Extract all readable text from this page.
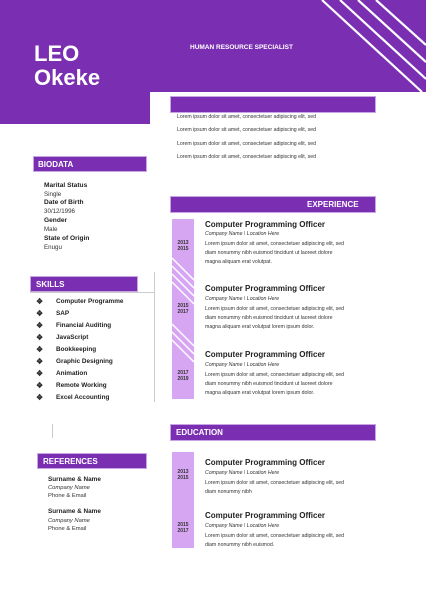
LEO
Okeke
HUMAN RESOURCE SPECIALIST
Lorem ipsum dolor sit amet, consectetuer adipiscing elit, sed
Lorem ipsum dolor sit amet, consectetuer adipiscing elit, sed
Lorem ipsum dolor sit amet, consectetuer adipiscing elit, sed
Lorem ipsum dolor sit amet, consectetuer adipiscing elit, sed
BIODATA
Marital Status
Single
Date of Birth
30/12/1996
Gender
Male
State of Origin
Enugu
SKILLS
❖ Computer Programme
❖ SAP
❖ Financial Auditing
❖ JavaScript
❖ Bookkeeping
❖ Graphic Designing
❖ Animation
❖ Remote Working
❖ Excel Accounting
REFERENCES
Surname & Name
Company Name
Phone & Email
Surname & Name
Company Name
Phone & Email
EXPERIENCE
2013
2015
2015
2017
2017
2019
Computer Programming Officer
Company Name \ Location Here
Lorem ipsum dolor sit amet, consectetuer adipiscing elit, sed
diam nonummy nibh euismod tincidunt ut laoreet dolore
magna aliquam erat volutpat.
Computer Programming Officer
Company Name \ Location Here
Lorem ipsum dolor sit amet, consectetuer adipiscing elit, sed
diam nonummy nibh euismod tincidunt ut laoreet dolore
magna aliquam erat volutpat lorem ipsum dolor.
Computer Programming Officer
Company Name \ Location Here
Lorem ipsum dolor sit amet, consectetuer adipiscing elit, sed
diam nonummy nibh euismod tincidunt ut laoreet dolore
magna aliquam erat volutpat lorem ipsum dolor.
EDUCATION
2013
2015
2015
2017
Computer Programming Officer
Company Name \ Location Here
Lorem ipsum dolor sit amet, consectetuer adipiscing elit, sed
diam nonummy nibh
Computer Programming Officer
Company Name \ Location Here
Lorem ipsum dolor sit amet, consectetuer adipiscing elit, sed
diam nonummy nibh euismod.
